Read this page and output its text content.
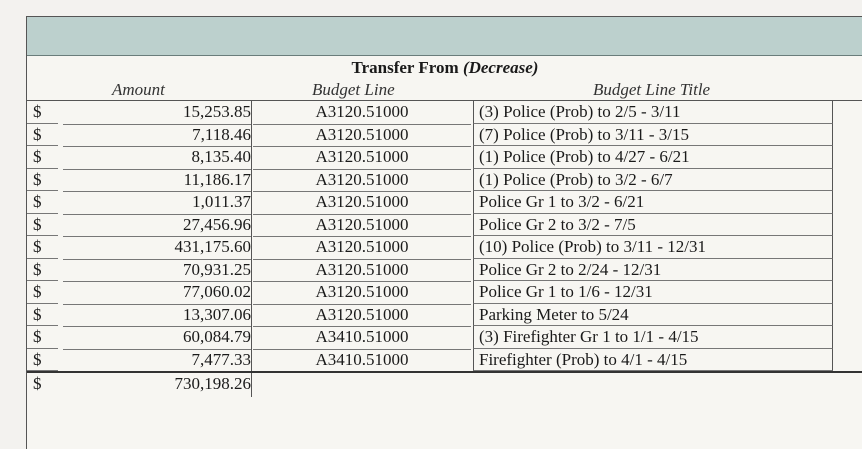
Transfer From (Decrease)
Amount	Budget Line	Budget Line Title
$	15,253.85	A3120.51000	(3) Police (Prob) to 2/5 - 3/11
$	7,118.46	A3120.51000	(7) Police (Prob) to 3/11 - 3/15
$	8,135.40	A3120.51000	(1) Police (Prob) to 4/27 - 6/21
$	11,186.17	A3120.51000	(1) Police (Prob) to 3/2 - 6/7
$	1,011.37	A3120.51000	Police Gr 1 to 3/2 - 6/21
$	27,456.96	A3120.51000	Police Gr 2 to 3/2 - 7/5
$	431,175.60	A3120.51000	(10) Police (Prob) to 3/11 - 12/31
$	70,931.25	A3120.51000	Police Gr 2 to 2/24 - 12/31
$	77,060.02	A3120.51000	Police Gr 1 to 1/6 - 12/31
$	13,307.06	A3120.51000	Parking Meter to 5/24
$	60,084.79	A3410.51000	(3) Firefighter Gr 1 to 1/1 - 4/15
$	7,477.33	A3410.51000	Firefighter (Prob) to 4/1 - 4/15
$	730,198.26
